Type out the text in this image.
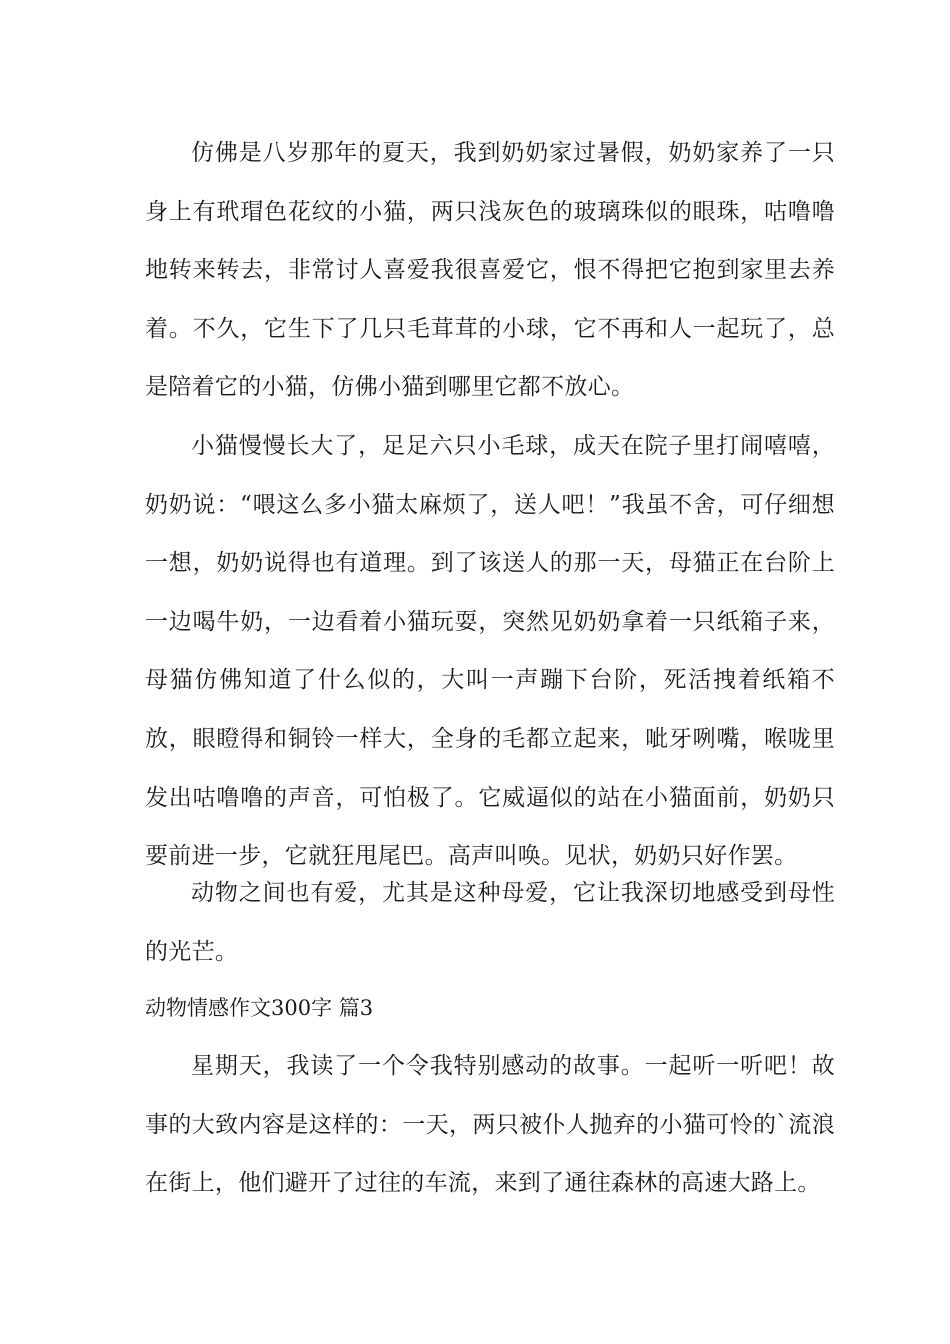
仿佛是八岁那年的夏天，我到奶奶家过暑假，奶奶家养了一只身上有玳瑁色花纹的小猫，两只浅灰色的玻璃珠似的眼珠，咕噜噜地转来转去，非常讨人喜爱我很喜爱它，恨不得把它抱到家里去养着。不久，它生下了几只毛茸茸的小球，它不再和人一起玩了，总是陪着它的小猫，仿佛小猫到哪里它都不放心。

小猫慢慢长大了，足足六只小毛球，成天在院子里打闹嘻嘻，奶奶说：“喂这么多小猫太麻烦了，送人吧！”我虽不舍，可仔细想一想，奶奶说得也有道理。到了该送人的那一天，母猫正在台阶上一边喝牛奶，一边看着小猫玩耍，突然见奶奶拿着一只纸箱子来，母猫仿佛知道了什么似的，大叫一声蹦下台阶，死活拽着纸箱不放，眼瞪得和铜铃一样大，全身的毛都立起来，呲牙咧嘴，喉咙里发出咕噜噜的声音，可怕极了。它威逼似的站在小猫面前，奶奶只要前进一步，它就狂甩尾巴。高声叫唤。见状，奶奶只好作罢。

动物之间也有爱，尤其是这种母爱，它让我深切地感受到母性的光芒。

动物情感作文300字 篇3

星期天，我读了一个令我特别感动的故事。一起听一听吧！故事的大致内容是这样的：一天，两只被仆人抛弃的小猫可怜的`流浪在街上，他们避开了过往的车流，来到了通往森林的高速大路上。
